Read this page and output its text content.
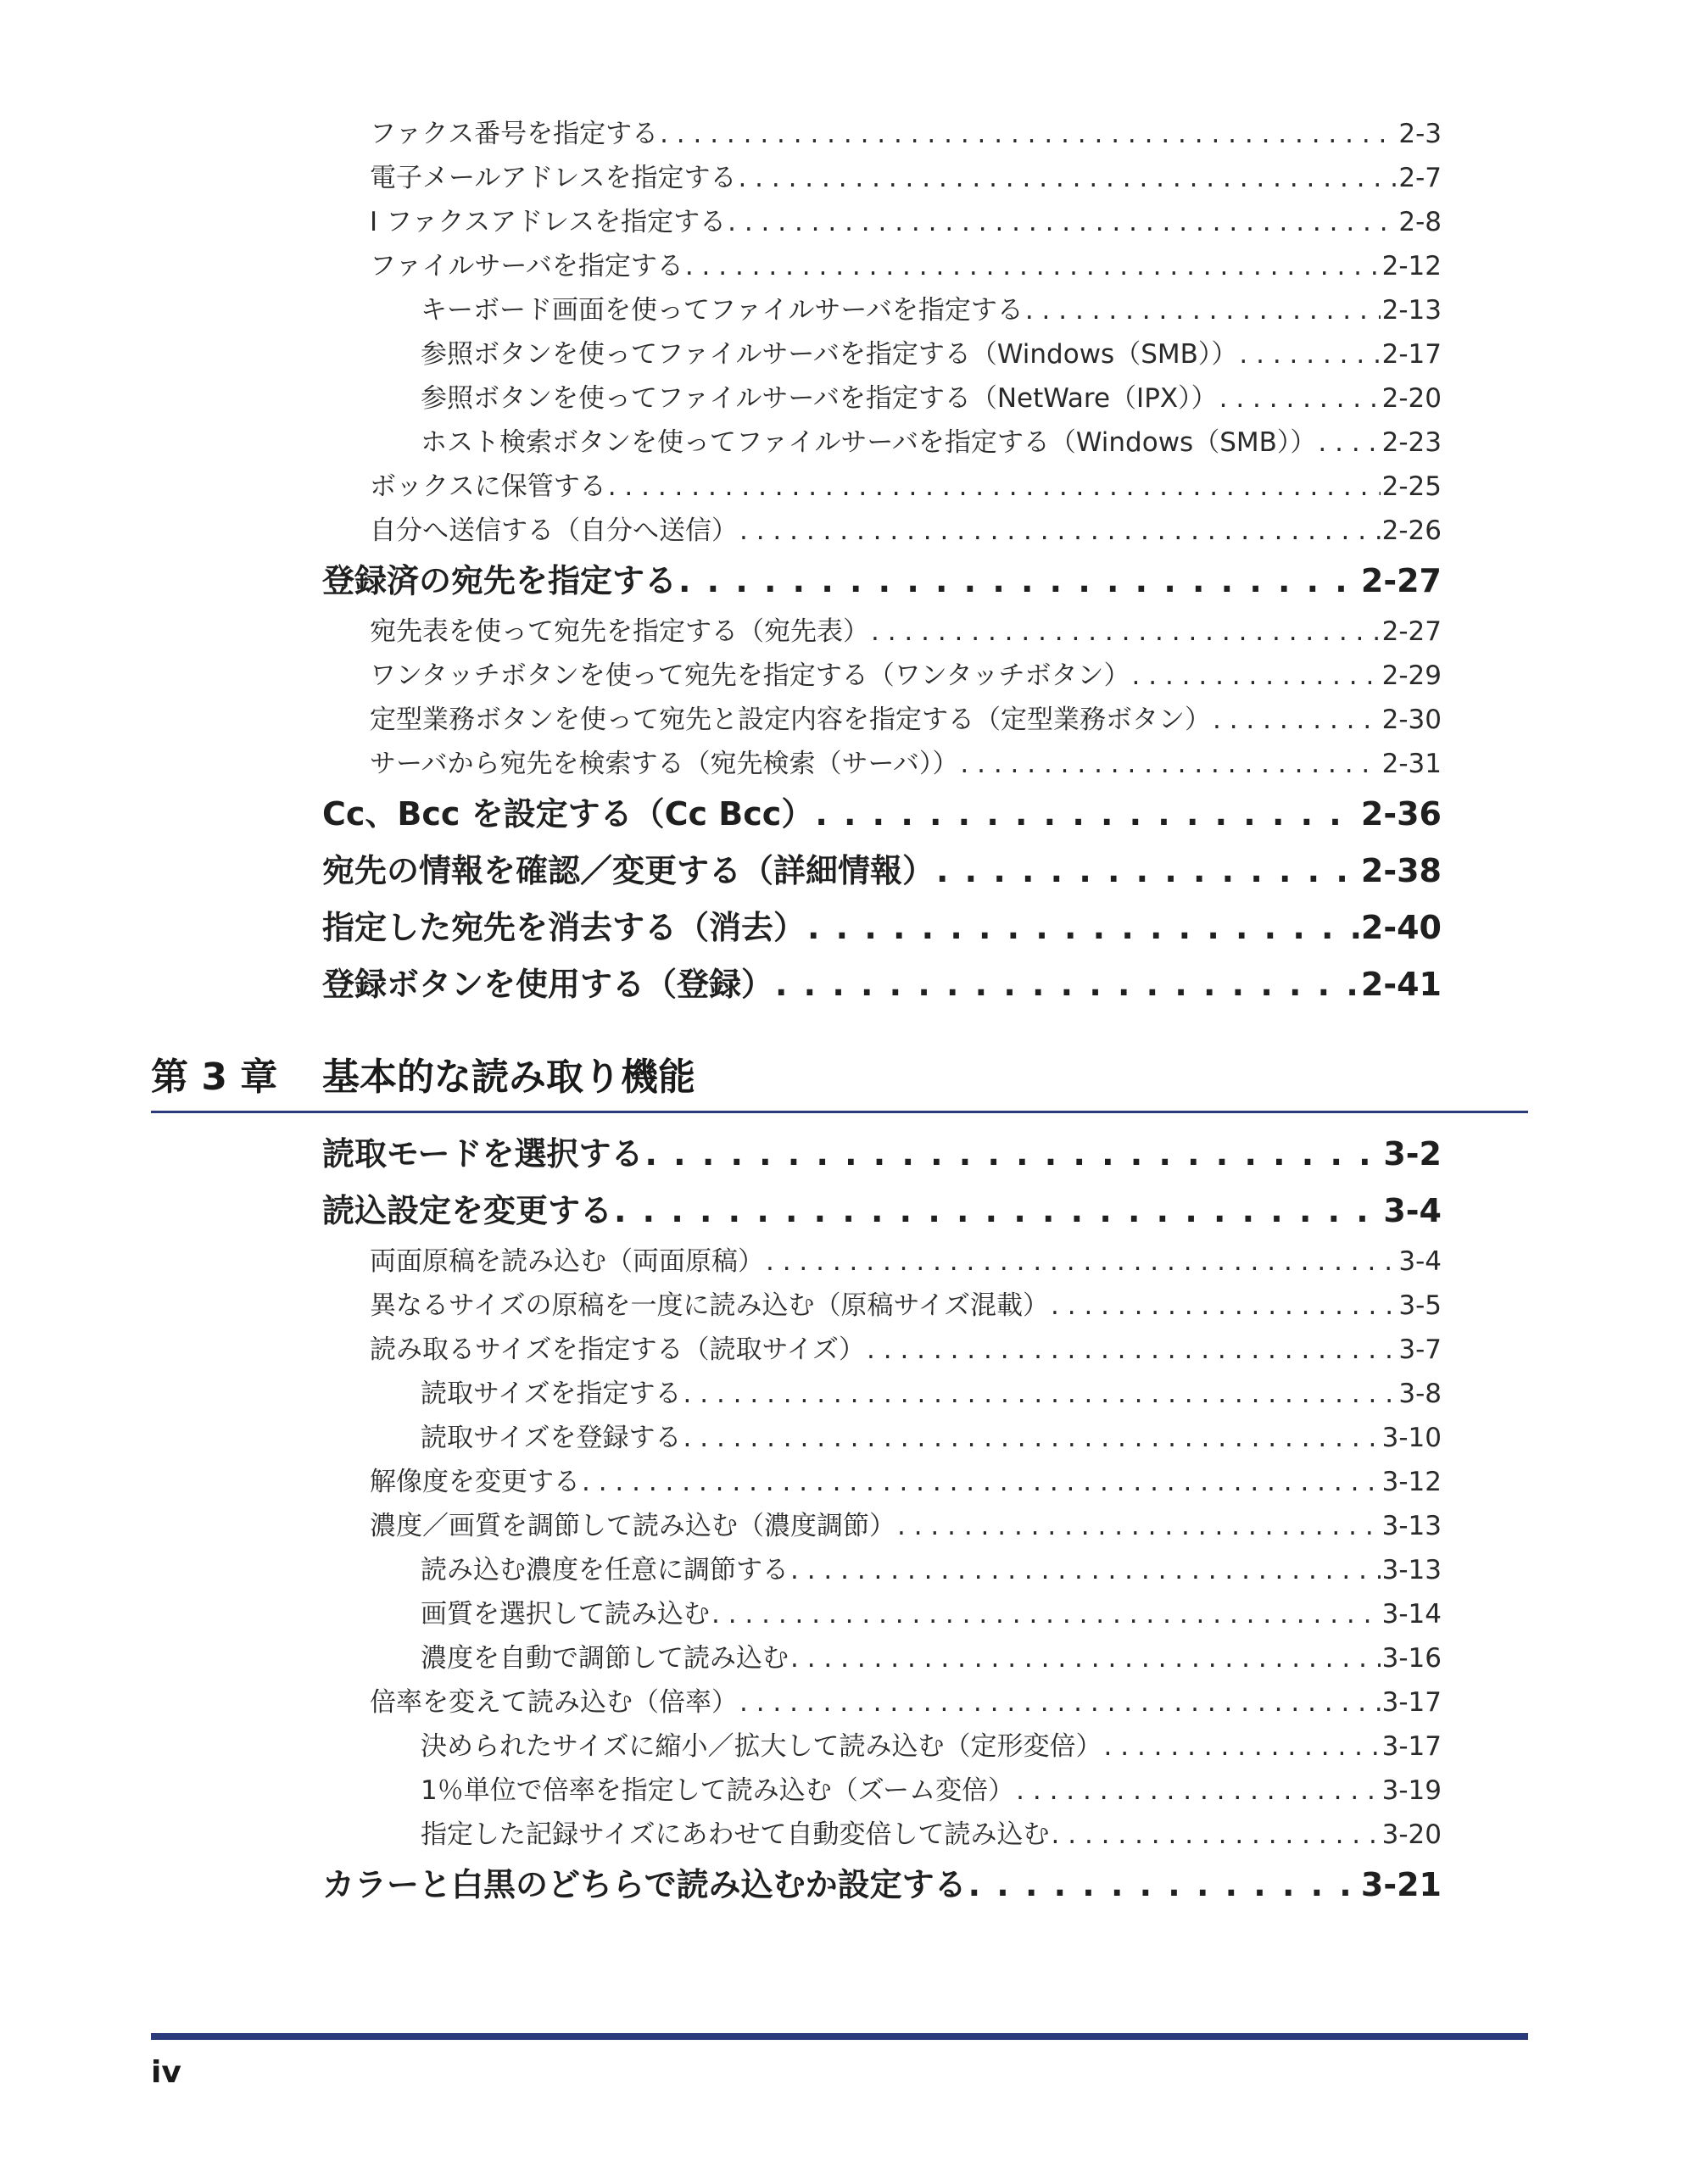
ファクス番号を指定する . . .	2-3
電子メールアドレスを指定する . . .	2-7
I ファクスアドレスを指定する . . .	2-8
ファイルサーバを指定する . . .	2-12
キーボード画面を使ってファイルサーバを指定する . . .	2-13
参照ボタンを使ってファイルサーバを指定する（Windows（SMB）） . . .	2-17
参照ボタンを使ってファイルサーバを指定する（NetWare（IPX）） . . .	2-20
ホスト検索ボタンを使ってファイルサーバを指定する（Windows（SMB）） . . . 2-23
ボックスに保管する . . .	2-25
自分へ送信する（自分へ送信） . . .	2-26
登録済の宛先を指定する . . .	2-27
宛先表を使って宛先を指定する（宛先表） . . .	2-27
ワンタッチボタンを使って宛先を指定する（ワンタッチボタン） . . .	2-29
定型業務ボタンを使って宛先と設定内容を指定する（定型業務ボタン） . . .	2-30
サーバから宛先を検索する（宛先検索（サーバ）） . . .	2-31
Cc、Bcc を設定する（Cc Bcc） . . .	2-36
宛先の情報を確認／変更する（詳細情報） . . .	2-38
指定した宛先を消去する（消去） . . .	2-40
登録ボタンを使用する（登録） . . .	2-41
第 3 章 基本的な読み取り機能
読取モードを選択する . . .	3-2
読込設定を変更する . . .	3-4
両面原稿を読み込む（両面原稿） . . .	3-4
異なるサイズの原稿を一度に読み込む（原稿サイズ混載） . . .	3-5
読み取るサイズを指定する（読取サイズ） . . .	3-7
読取サイズを指定する . . .	3-8
読取サイズを登録する . . .	3-10
解像度を変更する . . .	3-12
濃度／画質を調節して読み込む（濃度調節） . . .	3-13
読み込む濃度を任意に調節する . . .	3-13
画質を選択して読み込む . . .	3-14
濃度を自動で調節して読み込む . . .	3-16
倍率を変えて読み込む（倍率） . . .	3-17
決められたサイズに縮小／拡大して読み込む（定形変倍） . . .	3-17
1％単位で倍率を指定して読み込む（ズーム変倍） . . .	3-19
指定した記録サイズにあわせて自動変倍して読み込む . . .	3-20
カラーと白黒のどちらで読み込むか設定する . . .	3-21
iv
